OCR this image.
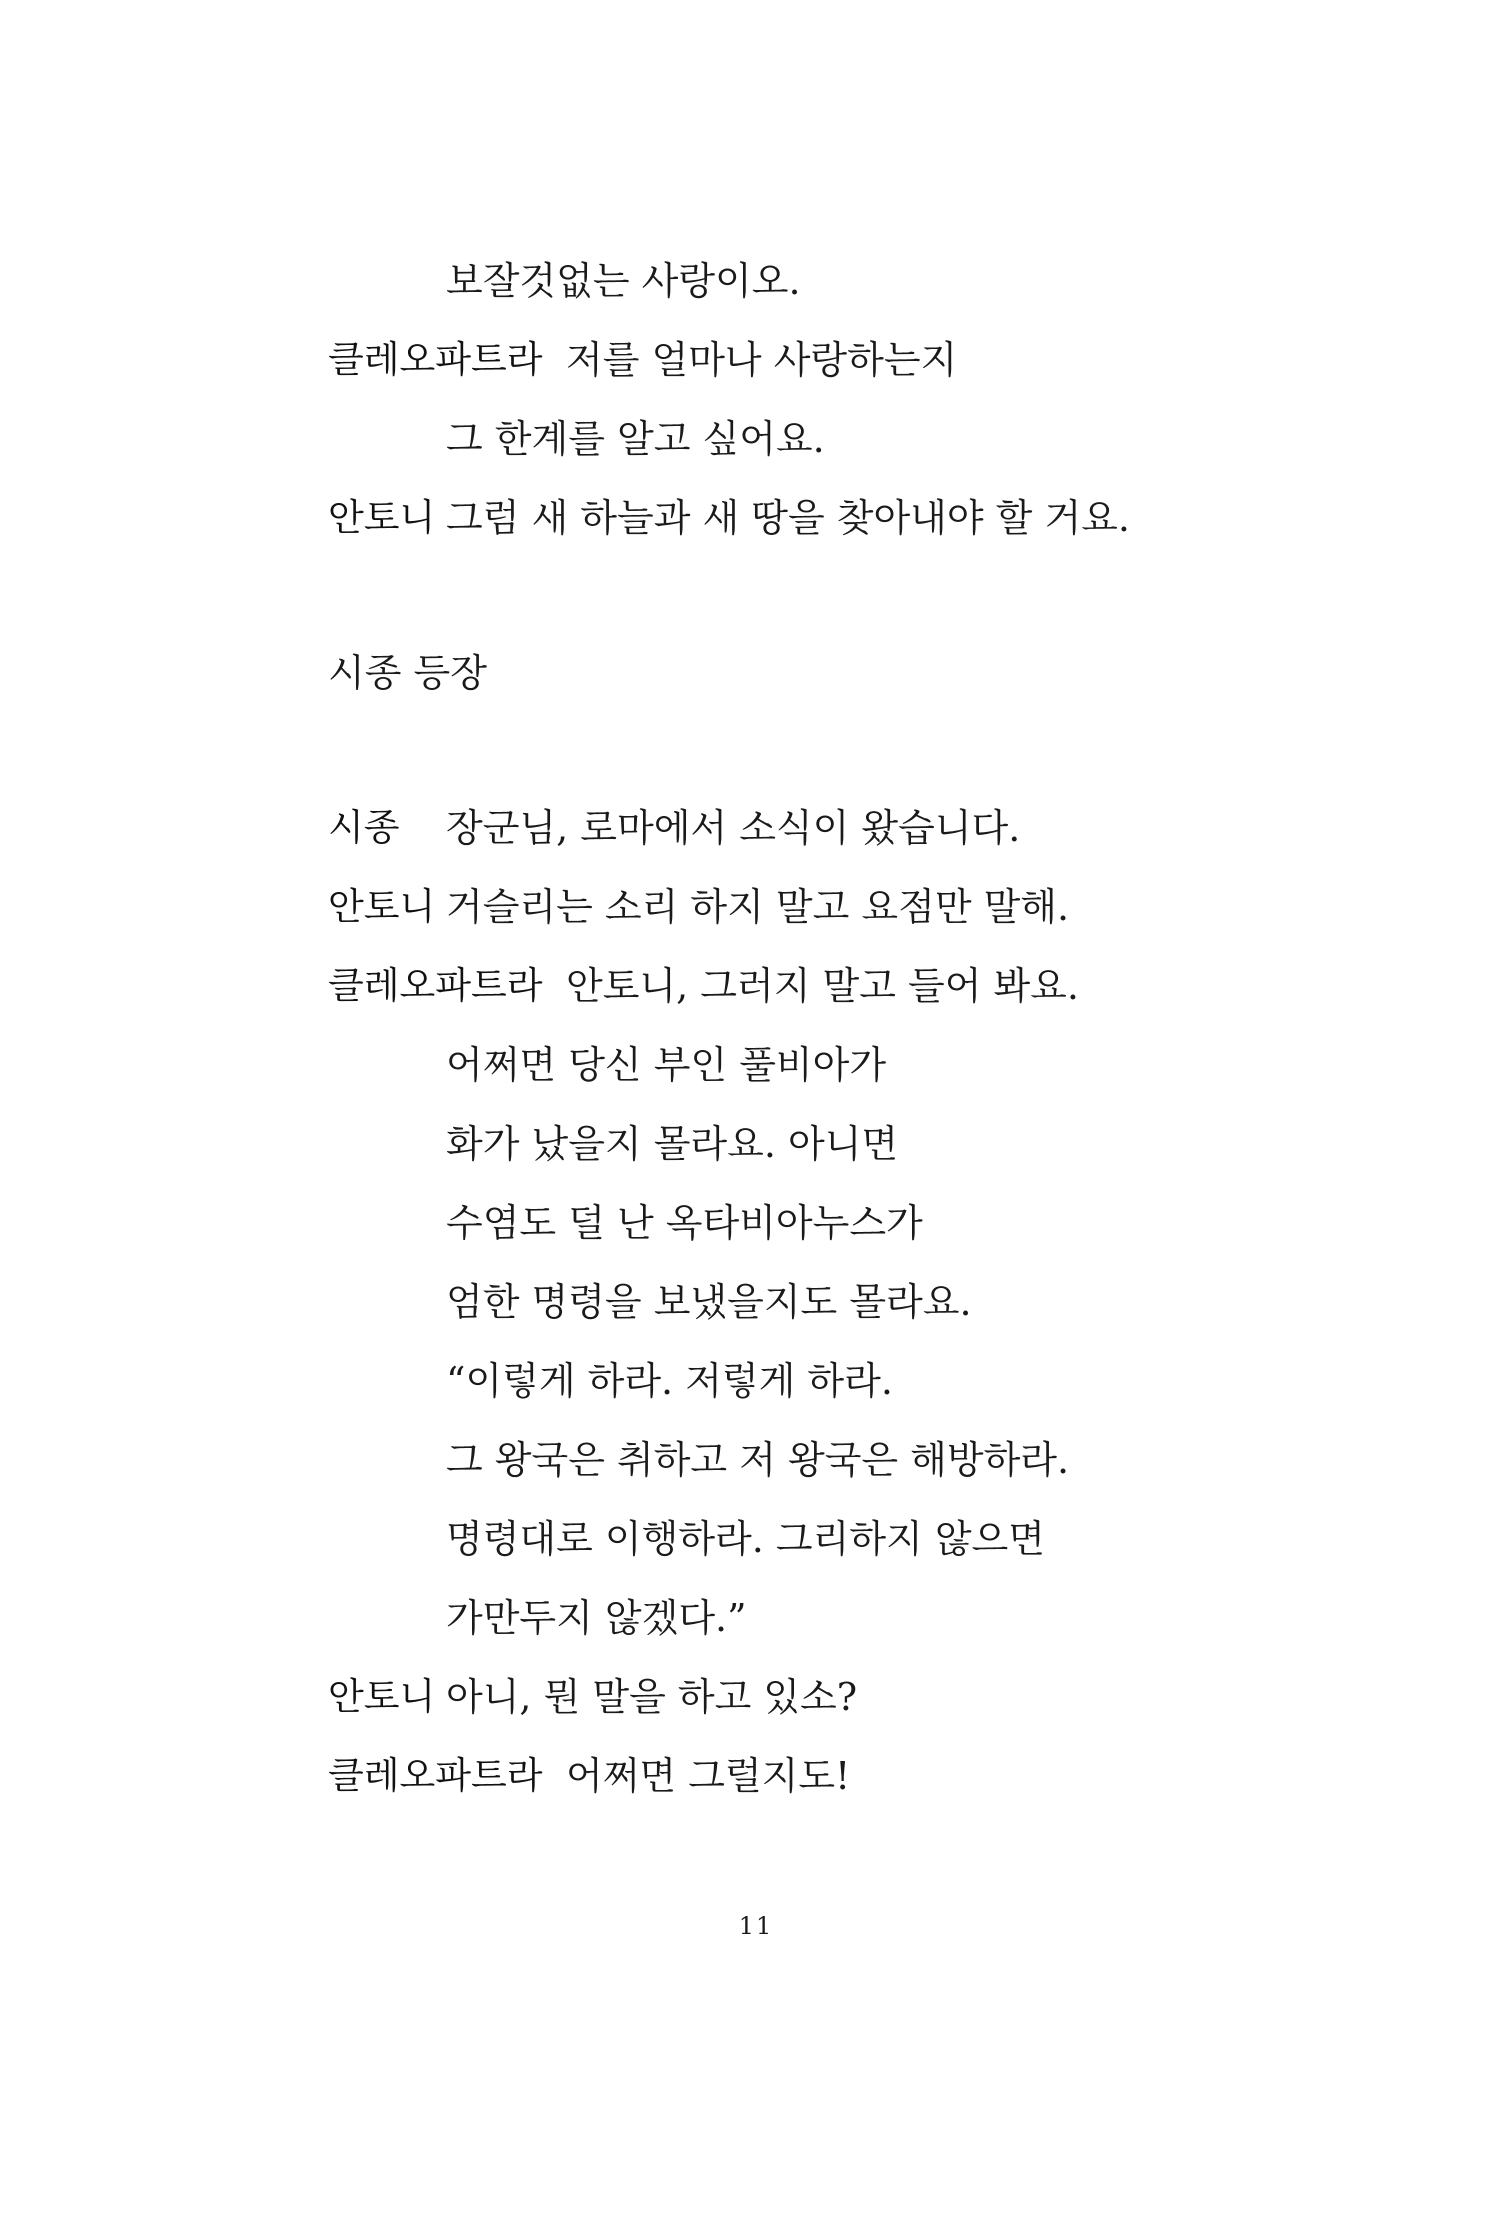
보잘것없는 사랑이오.
클레오파트라 저를 얼마나 사랑하는지
그 한계를 알고 싶어요.
안토니 그럼 새 하늘과 새 땅을 찾아내야 할 거요.
시종 등장
시종 장군님, 로마에서 소식이 왔습니다.
안토니 거슬리는 소리 하지 말고 요점만 말해.
클레오파트라 안토니, 그러지 말고 들어 봐요.
어쩌면 당신 부인 풀비아가
화가 났을지 몰라요. 아니면
수염도 덜 난 옥타비아누스가
엄한 명령을 보냈을지도 몰라요.
“이렇게 하라. 저렇게 하라.
그 왕국은 취하고 저 왕국은 해방하라.
명령대로 이행하라. 그리하지 않으면
가만두지 않겠다.”
안토니 아니, 뭔 말을 하고 있소?
클레오파트라 어쩌면 그럴지도!
11
